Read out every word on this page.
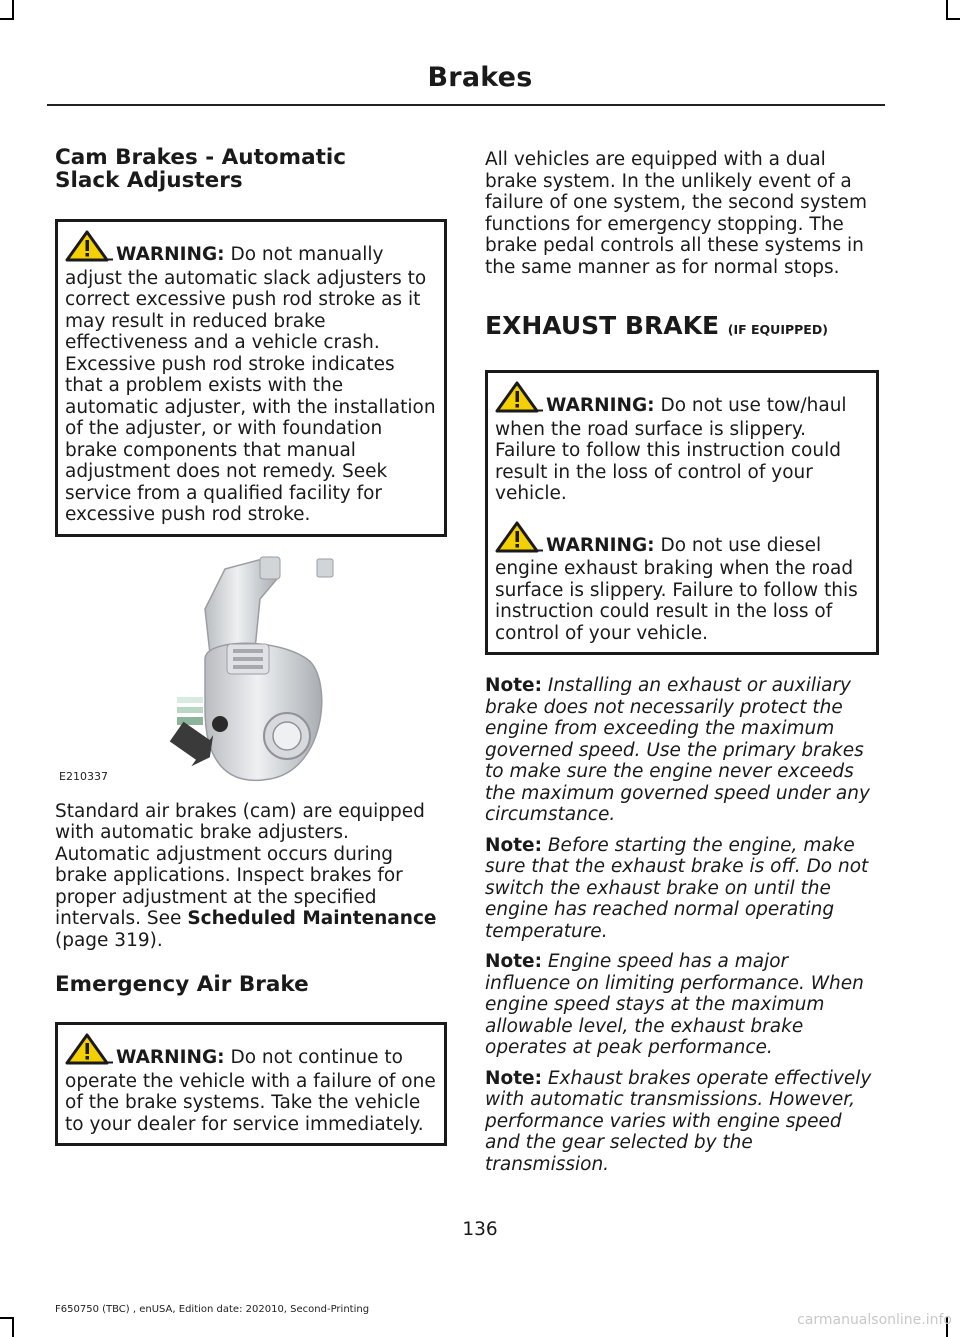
Brakes
Cam Brakes - Automatic Slack Adjusters
WARNING: Do not manually adjust the automatic slack adjusters to correct excessive push rod stroke as it may result in reduced brake effectiveness and a vehicle crash. Excessive push rod stroke indicates that a problem exists with the automatic adjuster, with the installation of the adjuster, or with foundation brake components that manual adjustment does not remedy. Seek service from a qualified facility for excessive push rod stroke.
E210337

Standard air brakes (cam) are equipped with automatic brake adjusters. Automatic adjustment occurs during brake applications. Inspect brakes for proper adjustment at the specified intervals. See Scheduled Maintenance (page 319).

Emergency Air Brake
WARNING: Do not continue to operate the vehicle with a failure of one of the brake systems. Take the vehicle to your dealer for service immediately.

All vehicles are equipped with a dual brake system. In the unlikely event of a failure of one system, the second system functions for emergency stopping. The brake pedal controls all these systems in the same manner as for normal stops.

EXHAUST BRAKE (IF EQUIPPED)
WARNING: Do not use tow/haul when the road surface is slippery. Failure to follow this instruction could result in the loss of control of your vehicle.
WARNING: Do not use diesel engine exhaust braking when the road surface is slippery. Failure to follow this instruction could result in the loss of control of your vehicle.

Note: Installing an exhaust or auxiliary brake does not necessarily protect the engine from exceeding the maximum governed speed. Use the primary brakes to make sure the engine never exceeds the maximum governed speed under any circumstance.

Note: Before starting the engine, make sure that the exhaust brake is off. Do not switch the exhaust brake on until the engine has reached normal operating temperature.

Note: Engine speed has a major influence on limiting performance. When engine speed stays at the maximum allowable level, the exhaust brake operates at peak performance.

Note: Exhaust brakes operate effectively with automatic transmissions. However, performance varies with engine speed and the gear selected by the transmission.

136
F650750 (TBC) , enUSA, Edition date: 202010, Second-Printing
carmanualsonline.info
